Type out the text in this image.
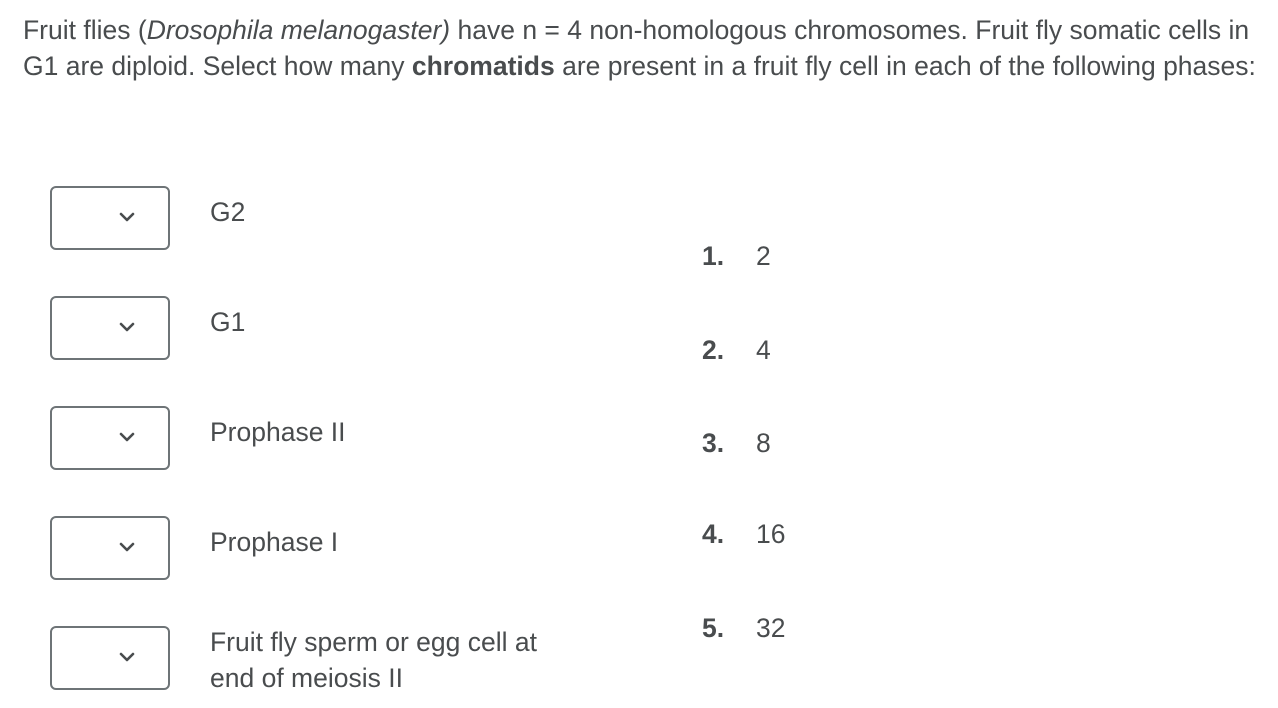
Fruit flies (Drosophila melanogaster) have n = 4 non-homologous chromosomes. Fruit fly somatic cells in G1 are diploid. Select how many chromatids are present in a fruit fly cell in each of the following phases:

G2
G1
Prophase II
Prophase I
Fruit fly sperm or egg cell at
end of meiosis II
1. 2
2. 4
3. 8
4. 16
5. 32
